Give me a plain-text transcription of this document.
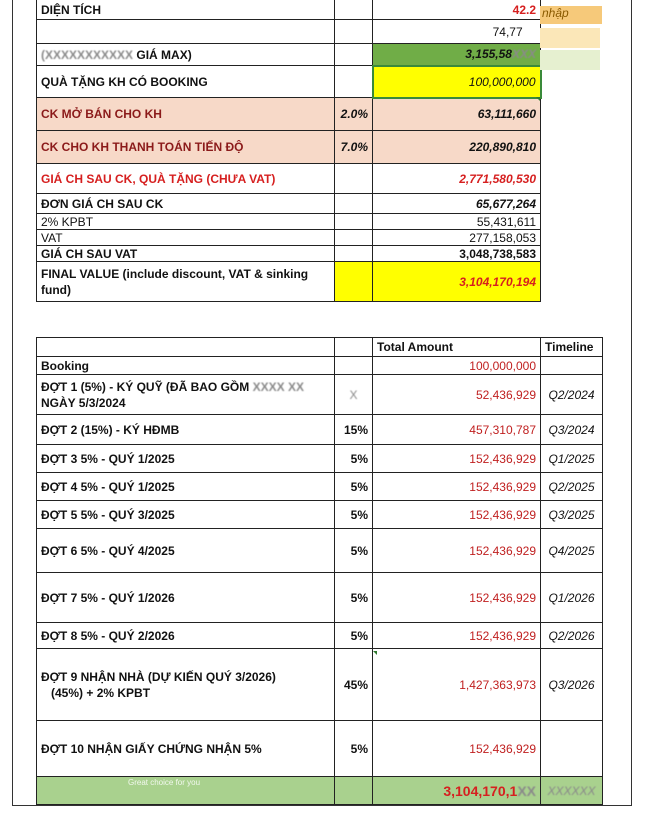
DIỆN TÍCH		42.2
		74,77
(XXXXXXXXXXX GIÁ MAX)		3,155,58XXX
QUÀ TẶNG KH CÓ BOOKING		100,000,000
CK MỞ BÁN CHO KH	2.0%	63,111,660
CK CHO KH THANH TOÁN TIẾN ĐỘ	7.0%	220,890,810
GIÁ CH SAU CK, QUÀ TẶNG (CHƯA VAT)		2,771,580,530
ĐƠN GIÁ CH SAU CK		65,677,264
2% KPBT		55,431,611
VAT		277,158,053
GIÁ CH SAU VAT		3,048,738,583
FINAL VALUE (include discount, VAT & sinking fund)		3,104,170,194
nhập
		Total Amount	Timeline
Booking		100,000,000	
ĐỢT 1 (5%) - KÝ QUỸ (ĐÃ BAO GỒM XXXX XX
NGÀY 5/3/2024	X	52,436,929	Q2/2024
ĐỢT 2 (15%) - KÝ HĐMB	15%	457,310,787	Q3/2024
ĐỢT 3 5% - QUÝ 1/2025	5%	152,436,929	Q1/2025
ĐỢT 4 5% - QUÝ 1/2025	5%	152,436,929	Q2/2025
ĐỢT 5 5% - QUÝ 3/2025	5%	152,436,929	Q3/2025
ĐỢT 6 5% - QUÝ 4/2025	5%	152,436,929	Q4/2025
ĐỢT 7 5% - QUÝ 1/2026	5%	152,436,929	Q1/2026
ĐỢT 8 5% - QUÝ 2/2026	5%	152,436,929	Q2/2026
ĐỢT 9 NHẬN NHÀ (DỰ KIẾN QUÝ 3/2026)
(45%) + 2% KPBT	45%	1,427,363,973	Q3/2026
ĐỢT 10 NHẬN GIẤY CHỨNG NHẬN 5%	5%	152,436,929	
		3,104,170,1XX	XXXXXX
SoSanhNha.com
Great choice for you
